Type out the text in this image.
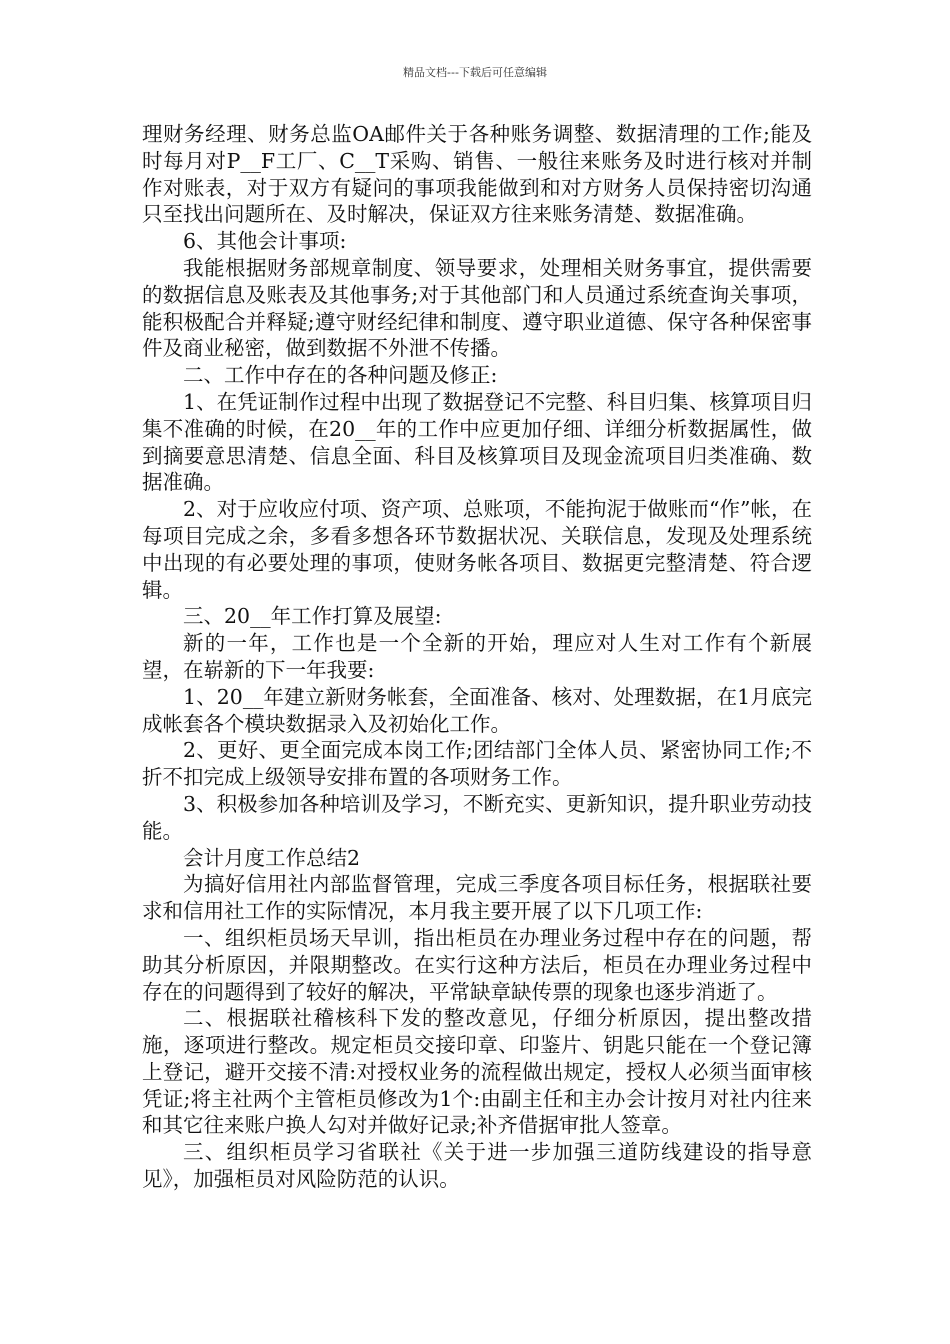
精品文档---下载后可任意编辑

理财务经理、财务总监OA邮件关于各种账务调整、数据清理的工作;能及时每月对P__F工厂、C__T采购、销售、一般往来账务及时进行核对并制作对账表，对于双方有疑问的事项我能做到和对方财务人员保持密切沟通只至找出问题所在、及时解决，保证双方往来账务清楚、数据准确。

6、其他会计事项:

我能根据财务部规章制度、领导要求，处理相关财务事宜，提供需要的数据信息及账表及其他事务;对于其他部门和人员通过系统查询关事项，能积极配合并释疑;遵守财经纪律和制度、遵守职业道德、保守各种保密事件及商业秘密，做到数据不外泄不传播。

二、工作中存在的各种问题及修正:

1、在凭证制作过程中出现了数据登记不完整、科目归集、核算项目归集不准确的时候，在20__年的工作中应更加仔细、详细分析数据属性，做到摘要意思清楚、信息全面、科目及核算项目及现金流项目归类准确、数据准确。

2、对于应收应付项、资产项、总账项，不能拘泥于做账而“作”帐，在每项目完成之余，多看多想各环节数据状况、关联信息，发现及处理系统中出现的有必要处理的事项，使财务帐各项目、数据更完整清楚、符合逻辑。

三、20__年工作打算及展望:

新的一年，工作也是一个全新的开始，理应对人生对工作有个新展望，在崭新的下一年我要:

1、20__年建立新财务帐套，全面准备、核对、处理数据，在1月底完成帐套各个模块数据录入及初始化工作。

2、更好、更全面完成本岗工作;团结部门全体人员、紧密协同工作;不折不扣完成上级领导安排布置的各项财务工作。

3、积极参加各种培训及学习，不断充实、更新知识，提升职业劳动技能。

会计月度工作总结2

为搞好信用社内部监督管理，完成三季度各项目标任务，根据联社要求和信用社工作的实际情况，本月我主要开展了以下几项工作:

一、组织柜员场天早训，指出柜员在办理业务过程中存在的问题，帮助其分析原因，并限期整改。在实行这种方法后，柜员在办理业务过程中存在的问题得到了较好的解决，平常缺章缺传票的现象也逐步消逝了。

二、根据联社稽核科下发的整改意见，仔细分析原因，提出整改措施，逐项进行整改。规定柜员交接印章、印鉴片、钥匙只能在一个登记簿上登记，避开交接不清:对授权业务的流程做出规定，授权人必须当面审核凭证;将主社两个主管柜员修改为1个:由副主任和主办会计按月对社内往来和其它往来账户换人勾对并做好记录;补齐借据审批人签章。

三、组织柜员学习省联社《关于进一步加强三道防线建设的指导意见》，加强柜员对风险防范的认识。
